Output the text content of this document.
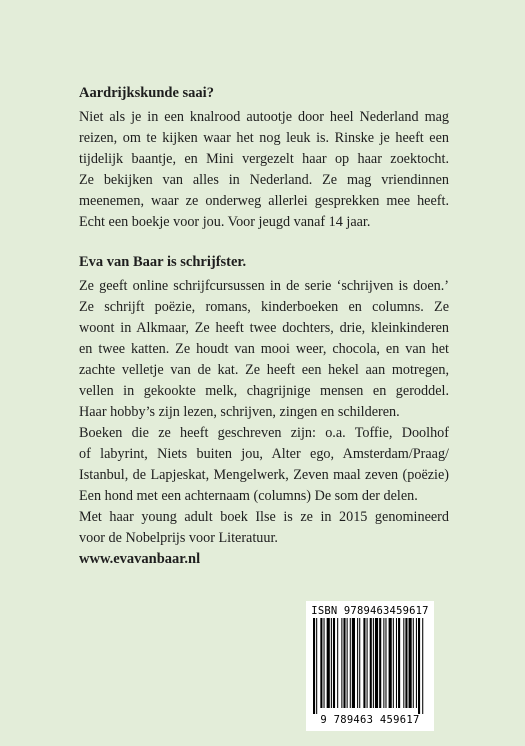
Aardrijkskunde saai?
Niet als je in een knalrood autootje door heel Nederland mag
reizen, om te kijken waar het nog leuk is. Rinske je heeft een
tijdelijk baantje, en Mini vergezelt haar op haar zoektocht.
Ze bekijken van alles in Nederland. Ze mag vriendinnen
meenemen, waar ze onderweg allerlei gesprekken mee heeft.
Echt een boekje voor jou. Voor jeugd vanaf 14 jaar.
Eva van Baar is schrijfster.
Ze geeft online schrijfcursussen in de serie ‘schrijven is doen.’
Ze schrijft poëzie, romans, kinderboeken en columns. Ze
woont in Alkmaar, Ze heeft twee dochters, drie, kleinkinderen
en twee katten. Ze houdt van mooi weer, chocola, en van het
zachte velletje van de kat. Ze heeft een hekel aan motregen,
vellen in gekookte melk, chagrijnige mensen en geroddel.
Haar hobby’s zijn lezen, schrijven, zingen en schilderen.
Boeken die ze heeft geschreven zijn: o.a. Toffie, Doolhof
of labyrint, Niets buiten jou, Alter ego, Amsterdam/Praag/
Istanbul, de Lapjeskat, Mengelwerk, Zeven maal zeven (poëzie)
Een hond met een achternaam (columns) De som der delen.
Met haar young adult boek Ilse is ze in 2015 genomineerd
voor de Nobelprijs voor Literatuur.
www.evavanbaar.nl
ISBN 9789463459617
9 789463 459617
